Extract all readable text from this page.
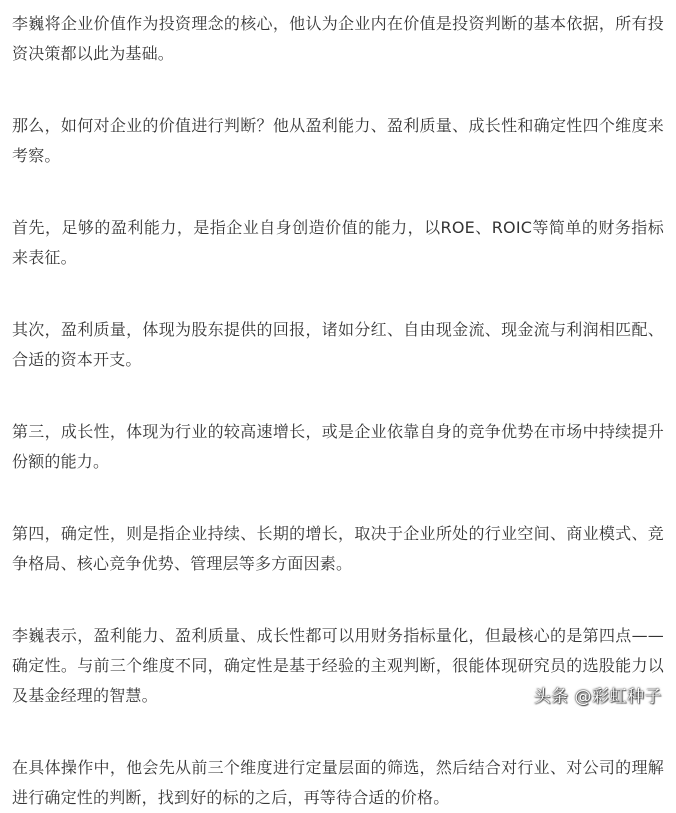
李巍将企业价值作为投资理念的核心，他认为企业内在价值是投资判断的基本依据，所有投资决策都以此为基础。

那么，如何对企业的价值进行判断？他从盈利能力、盈利质量、成长性和确定性四个维度来考察。

首先，足够的盈利能力，是指企业自身创造价值的能力，以ROE、ROIC等简单的财务指标来表征。

其次，盈利质量，体现为股东提供的回报，诸如分红、自由现金流、现金流与利润相匹配、合适的资本开支。

第三，成长性，体现为行业的较高速增长，或是企业依靠自身的竞争优势在市场中持续提升份额的能力。

第四，确定性，则是指企业持续、长期的增长，取决于企业所处的行业空间、商业模式、竞争格局、核心竞争优势、管理层等多方面因素。

李巍表示，盈利能力、盈利质量、成长性都可以用财务指标量化，但最核心的是第四点——确定性。与前三个维度不同，确定性是基于经验的主观判断，很能体现研究员的选股能力以及基金经理的智慧。

在具体操作中，他会先从前三个维度进行定量层面的筛选，然后结合对行业、对公司的理解进行确定性的判断，找到好的标的之后，再等待合适的价格。

头条 @彩虹种子
